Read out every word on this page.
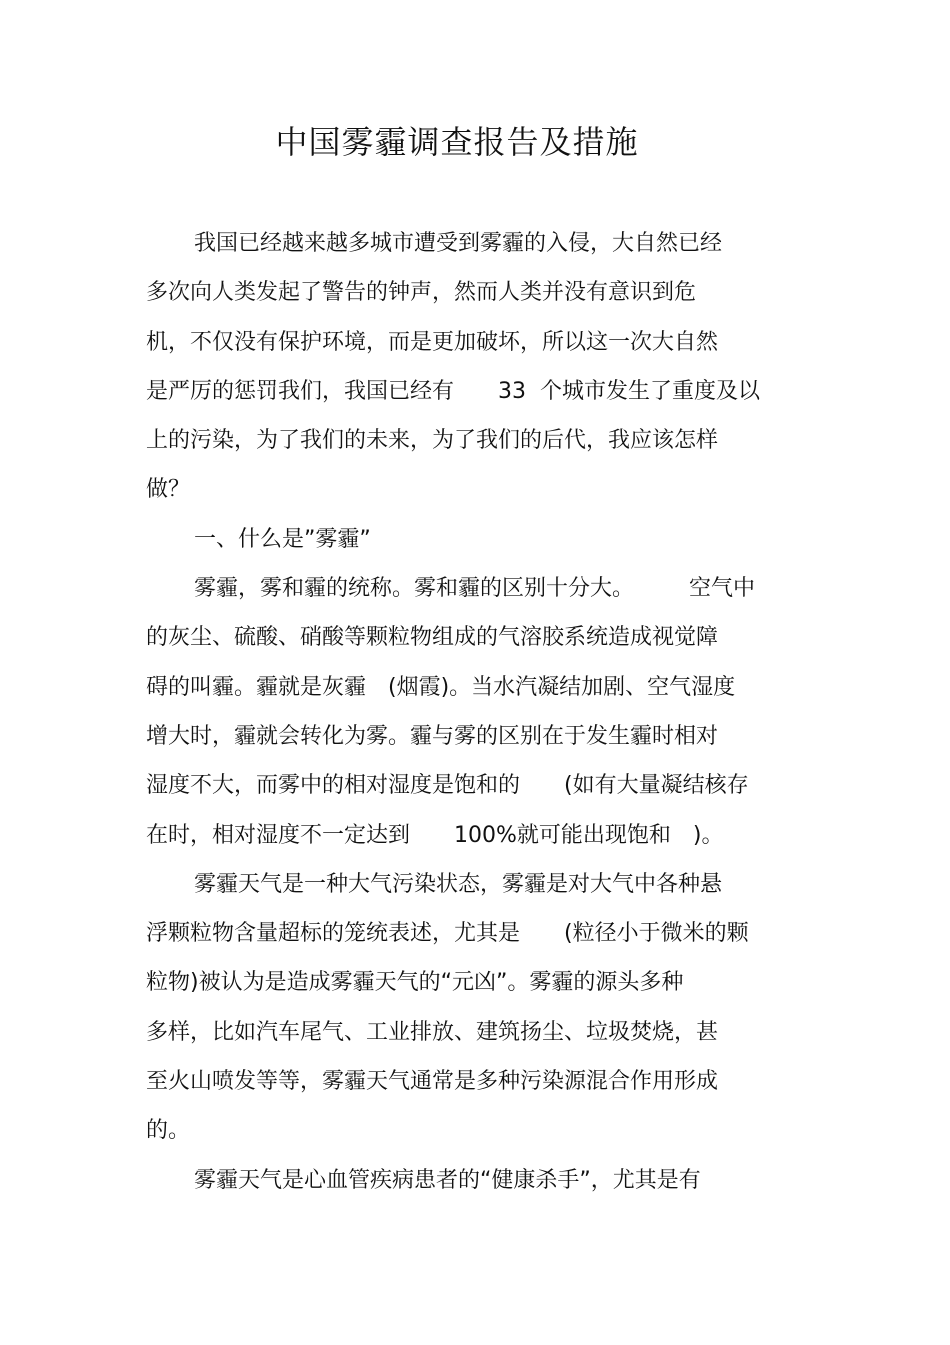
中国雾霾调查报告及措施

我国已经越来越多城市遭受到雾霾的入侵，大自然已经

多次向人类发起了警告的钟声，然而人类并没有意识到危

机，不仅没有保护环境，而是更加破坏，所以这一次大自然

是严厉的惩罚我们，我国已经有　　33  个城市发生了重度及以

上的污染，为了我们的未来，为了我们的后代，我应该怎样

做？

一、什么是”雾霾”

雾霾，雾和霾的统称。雾和霾的区别十分大。　　　空气中

的灰尘、硫酸、硝酸等颗粒物组成的气溶胶系统造成视觉障

碍的叫霾。霾就是灰霾　(烟霞)。当水汽凝结加剧、空气湿度

增大时，霾就会转化为雾。霾与雾的区别在于发生霾时相对

湿度不大，而雾中的相对湿度是饱和的　　(如有大量凝结核存

在时，相对湿度不一定达到　　100%就可能出现饱和　)。

雾霾天气是一种大气污染状态，雾霾是对大气中各种悬

浮颗粒物含量超标的笼统表述，尤其是　　(粒径小于微米的颗

粒物)被认为是造成雾霾天气的“元凶”。雾霾的源头多种

多样，比如汽车尾气、工业排放、建筑扬尘、垃圾焚烧，甚

至火山喷发等等，雾霾天气通常是多种污染源混合作用形成

的。

雾霾天气是心血管疾病患者的“健康杀手”，尤其是有
